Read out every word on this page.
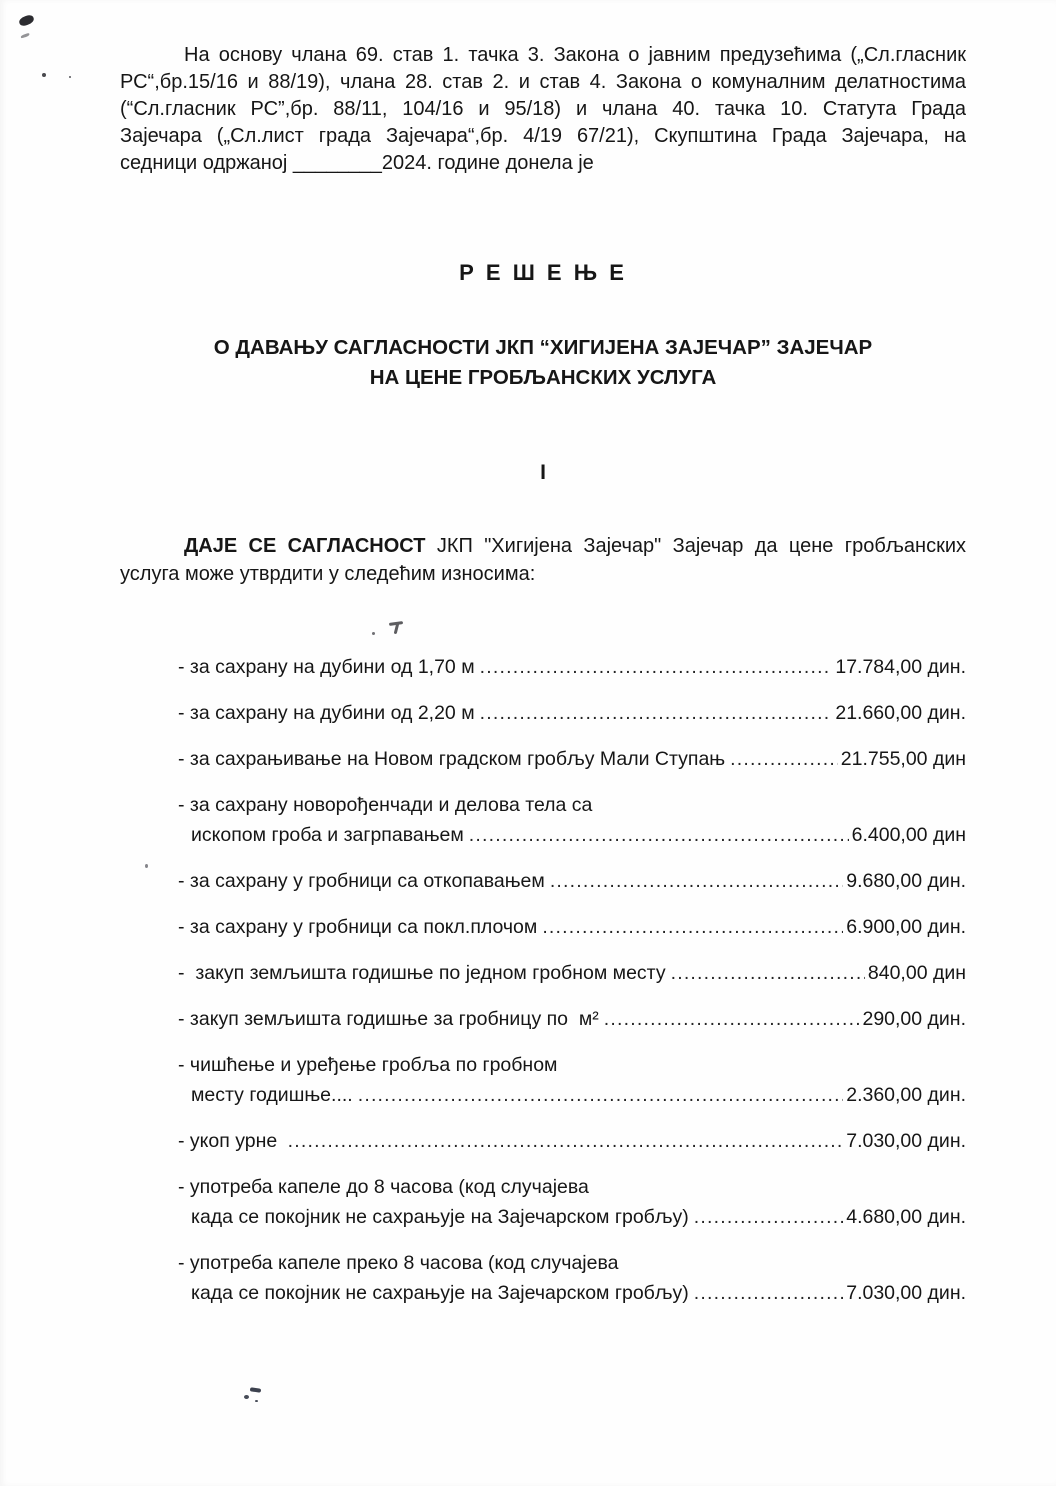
На основу члана 69. став 1. тачка 3. Закона о јавним предузећима („Сл.гласник
РС“,бр.15/16 и 88/19), члана 28. став 2. и став 4. Закона о комуналним делатностима
(“Сл.гласник РС”,бр. 88/11, 104/16 и 95/18) и члана 40. тачка 10. Статута Града
Зајечара („Сл.лист града Зајечара“,бр. 4/19 67/21), Скупштина Града Зајечара, на
седници одржаној ________2024. године донела је
Р Е Ш Е Њ Е
О ДАВАЊУ САГЛАСНОСТИ ЈКП “ХИГИЈЕНА ЗАЈЕЧАР” ЗАЈЕЧАР
НА ЦЕНЕ ГРОБЉАНСКИХ УСЛУГА
I
ДАЈЕ СЕ САГЛАСНОСТ ЈКП "Хигијена Зајечар" Зајечар да цене гробљанских
услуга може утврдити у следећим износима:
- за сахрану на дубини од 1,70 м .....	17.784,00 дин.
- за сахрану на дубини од 2,20 м .....	21.660,00 дин.
- за сахрањивање на Новом градском гробљу Мали Ступањ .....	21.755,00 дин
- за сахрану новорођенчади и делова тела са
ископом гроба и загрпавањем .....	6.400,00 дин
- за сахрану у гробници са откопавањем .....	9.680,00 дин.
- за сахрану у гробници са покл.плочом .....	6.900,00 дин.
-  закуп земљишта годишње по једном гробном месту .....	840,00 дин
- закуп земљишта годишње за гробницу по  м² .....	290,00 дин.
- чишћење и уређење гробља по гробном
месту годишње.... .....	2.360,00 дин.
- укоп урне .....	7.030,00 дин.
- употреба капеле до 8 часова (код случајева
када се покојник не сахрањује на Зајечарском гробљу) .....	4.680,00 дин.
- употреба капеле преко 8 часова (код случајева
када се покојник не сахрањује на Зајечарском гробљу) .....	7.030,00 дин.
